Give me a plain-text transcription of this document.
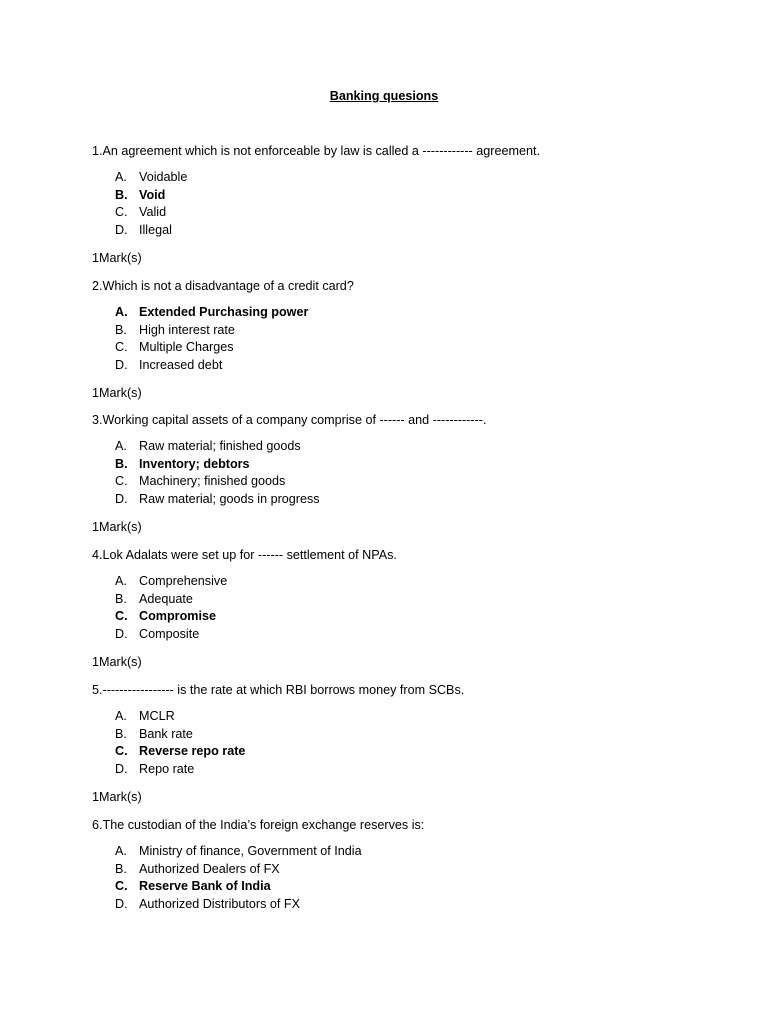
Banking quesions
1.An agreement which is not enforceable by law is called a ------------ agreement.
A. Voidable
B. Void
C. Valid
D. Illegal
1Mark(s)
2.Which is not a disadvantage of a credit card?
A. Extended Purchasing power
B. High interest rate
C. Multiple Charges
D. Increased debt
1Mark(s)
3.Working capital assets of a company comprise of ------ and ------------.
A. Raw material; finished goods
B. Inventory; debtors
C. Machinery; finished goods
D. Raw material; goods in progress
1Mark(s)
4.Lok Adalats were set up for ------ settlement of NPAs.
A. Comprehensive
B. Adequate
C. Compromise
D. Composite
1Mark(s)
5.----------------- is the rate at which RBI borrows money from SCBs.
A. MCLR
B. Bank rate
C. Reverse repo rate
D. Repo rate
1Mark(s)
6.The custodian of the India’s foreign exchange reserves is:
A. Ministry of finance, Government of India
B. Authorized Dealers of FX
C. Reserve Bank of India
D. Authorized Distributors of FX
